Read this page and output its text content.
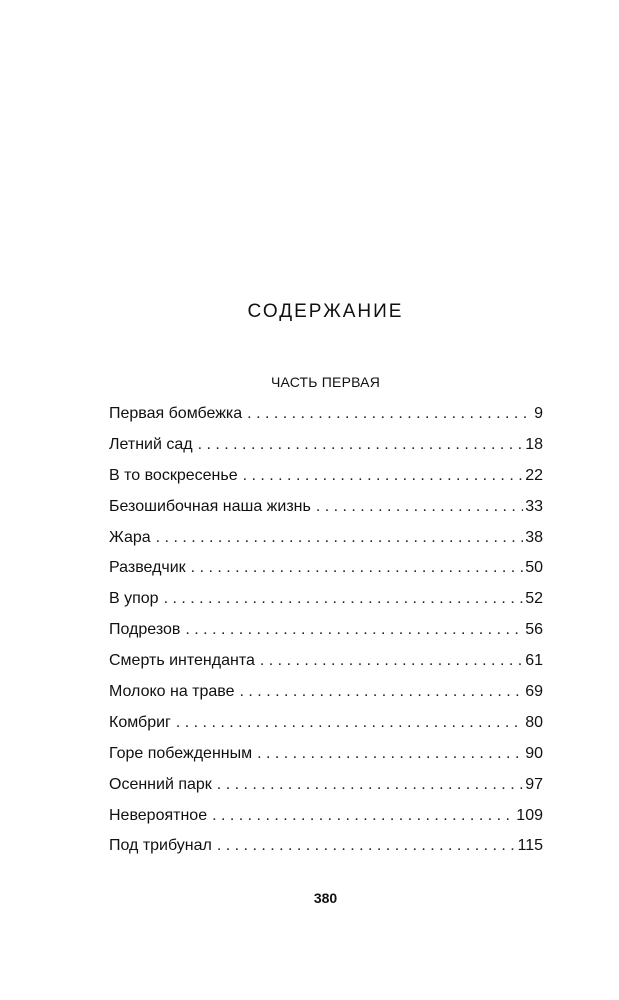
СОДЕРЖАНИЕ
ЧАСТЬ ПЕРВАЯ
Первая бомбежка . . .	9
Летний сад . . .	18
В то воскресенье . . .	22
Безошибочная наша жизнь . . .	33
Жара . . .	38
Разведчик . . .	50
В упор . . .	52
Подрезов . . .	56
Смерть интенданта . . .	61
Молоко на траве . . .	69
Комбриг . . .	80
Горе побежденным . . .	90
Осенний парк . . .	97
Невероятное . . .	109
Под трибунал . . .	115
380
